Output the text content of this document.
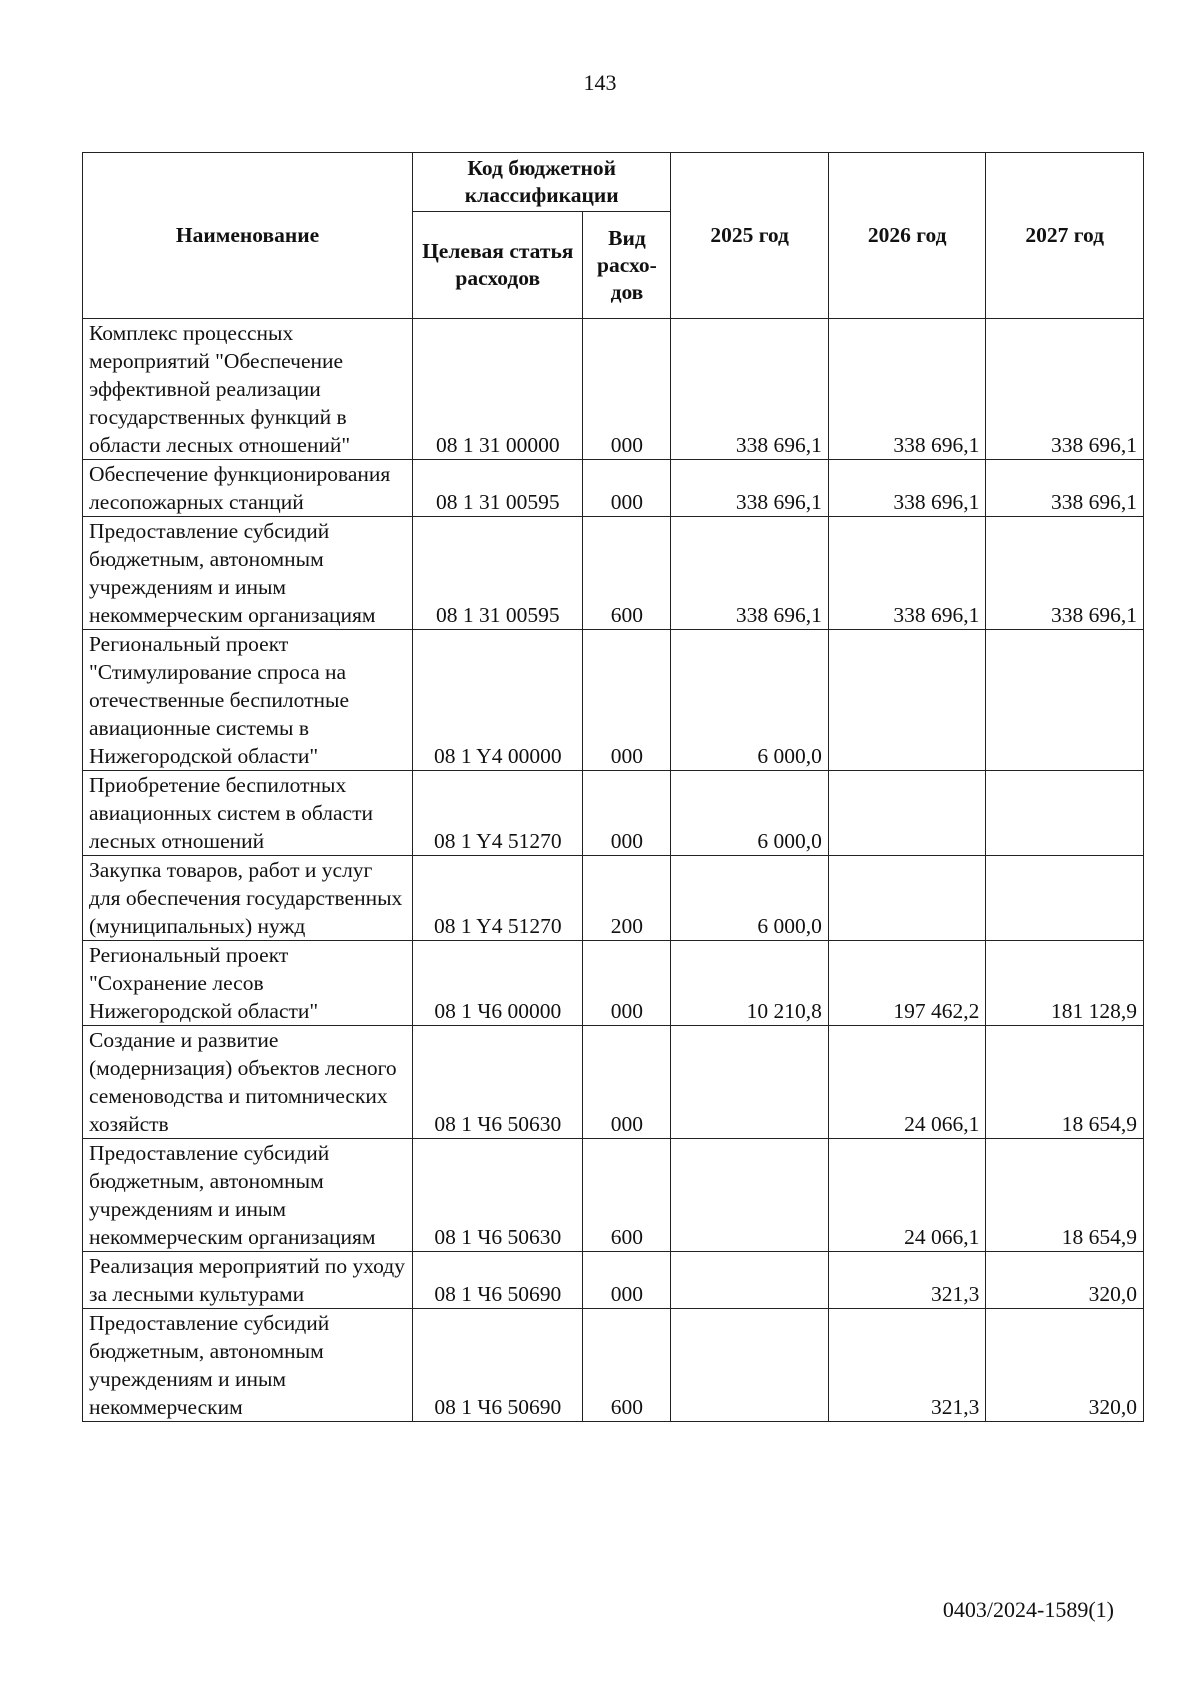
143
Наименование	Код бюджетной классификации		2025 год	2026 год	2027 год
	Целевая статья расходов	Вид расхо- дов			
Комплекс процессных мероприятий "Обеспечение эффективной реализации государственных функций в области лесных отношений"	08 1 31 00000	000	338 696,1	338 696,1	338 696,1
Обеспечение функционирования лесопожарных станций	08 1 31 00595	000	338 696,1	338 696,1	338 696,1
Предоставление субсидий бюджетным, автономным учреждениям и иным некоммерческим организациям	08 1 31 00595	600	338 696,1	338 696,1	338 696,1
Региональный проект "Стимулирование спроса на отечественные беспилотные авиационные системы в Нижегородской области"	08 1 Y4 00000	000	6 000,0		
Приобретение беспилотных авиационных систем в области лесных отношений	08 1 Y4 51270	000	6 000,0		
Закупка товаров, работ и услуг для обеспечения государственных (муниципальных) нужд	08 1 Y4 51270	200	6 000,0		
Региональный проект "Сохранение лесов Нижегородской области"	08 1 Ч6 00000	000	10 210,8	197 462,2	181 128,9
Создание и развитие (модернизация) объектов лесного семеноводства и питомнических хозяйств	08 1 Ч6 50630	000		24 066,1	18 654,9
Предоставление субсидий бюджетным, автономным учреждениям и иным некоммерческим организациям	08 1 Ч6 50630	600		24 066,1	18 654,9
Реализация мероприятий по уходу за лесными культурами	08 1 Ч6 50690	000		321,3	320,0
Предоставление субсидий бюджетным, автономным учреждениям и иным некоммерческим	08 1 Ч6 50690	600		321,3	320,0
0403/2024-1589(1)
